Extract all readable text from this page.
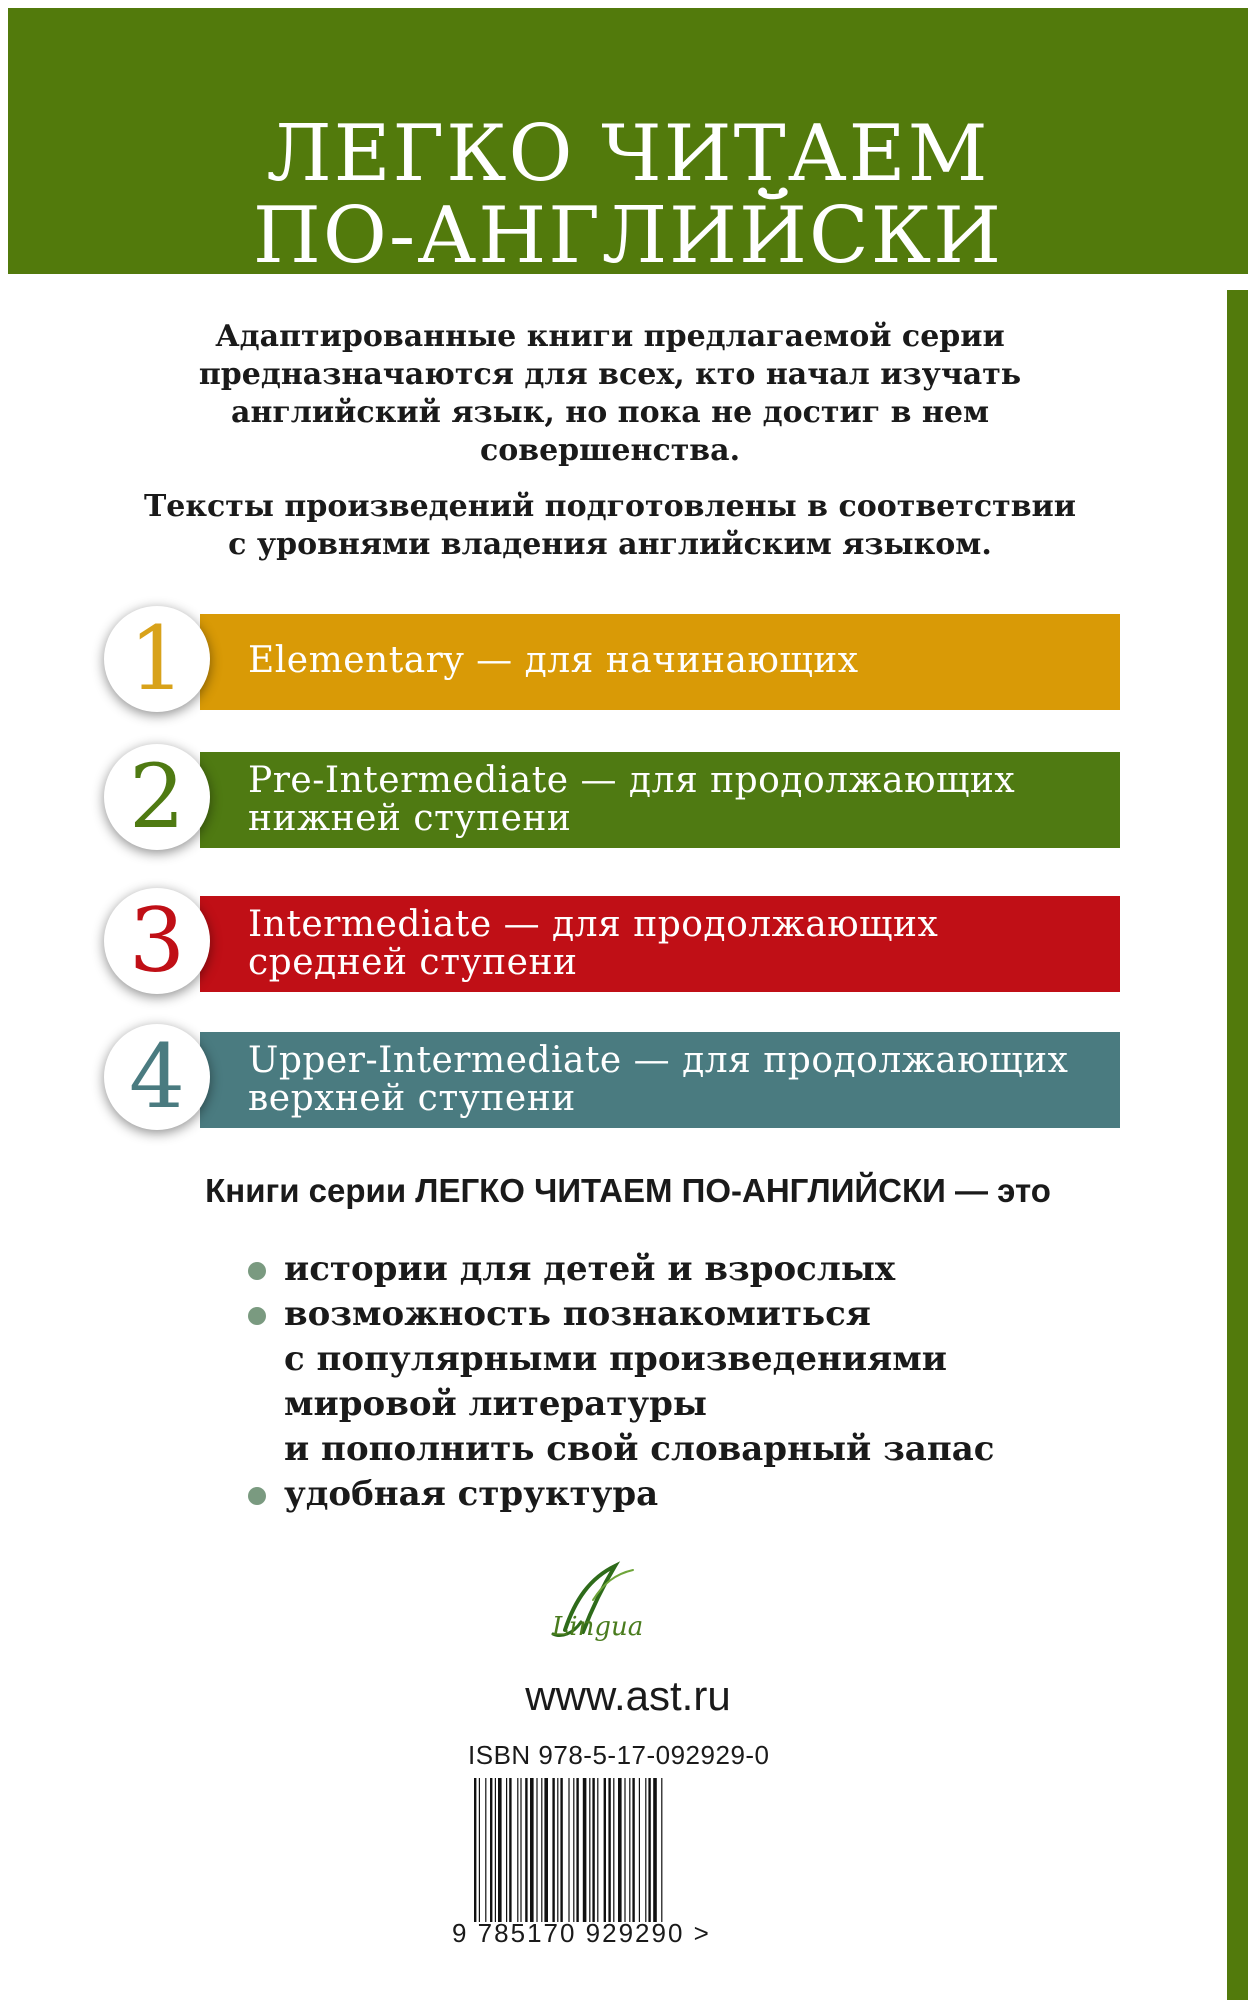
ЛЕГКО ЧИТАЕМ
ПО-АНГЛИЙСКИ

Адаптированные книги предлагаемой серии
предназначаются для всех, кто начал изучать
английский язык, но пока не достиг в нем
совершенства.

Тексты произведений подготовлены в соответствии
с уровнями владения английским языком.

1	Elementary — для начинающих
2	Pre-Intermediate — для продолжающих
нижней ступени
3	Intermediate — для продолжающих
средней ступени
4	Upper-Intermediate — для продолжающих
верхней ступени
Книги серии ЛЕГКО ЧИТАЕМ ПО-АНГЛИЙСКИ — это
истории для детей и взрослых
возможность познакомиться
с популярными произведениями
мировой литературы
и пополнить свой словарный запас
удобная структура
Lingua
www.ast.ru
ISBN 978-5-17-092929-0
9 785170 929290 >
